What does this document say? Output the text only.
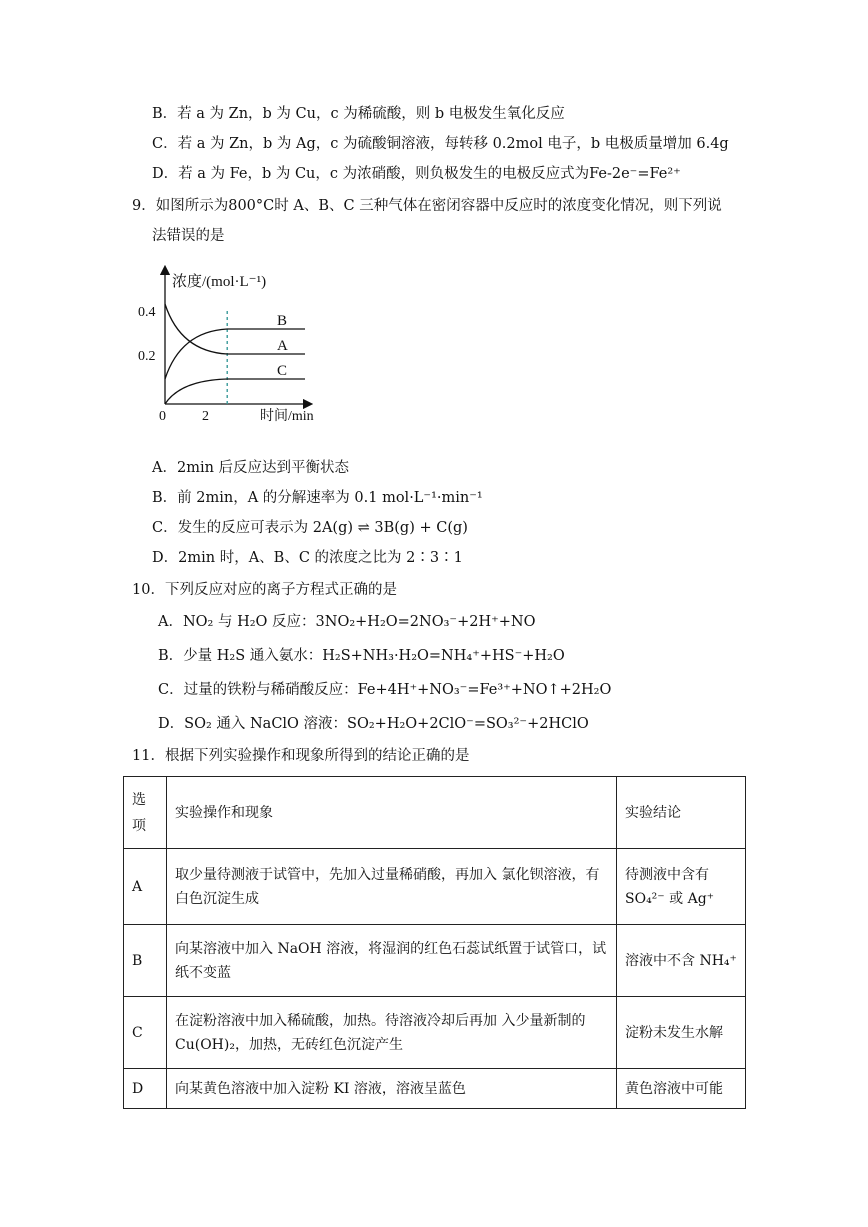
B．若 a 为 Zn，b 为 Cu，c 为稀硫酸，则 b 电极发生氧化反应
C．若 a 为 Zn，b 为 Ag，c 为硫酸铜溶液，每转移 0.2mol 电子，b 电极质量增加 6.4g
D．若 a 为 Fe，b 为 Cu，c 为浓硝酸，则负极发生的电极反应式为Fe-2e⁻=Fe²⁺
9．如图所示为800°C时 A、B、C 三种气体在密闭容器中反应时的浓度变化情况，则下列说
法错误的是
浓度/(mol·L⁻¹)
时间/min
0.4
0.2
0	2
B
A
C
A．2min 后反应达到平衡状态
B．前 2min，A 的分解速率为 0.1 mol·L⁻¹·min⁻¹
C．发生的反应可表示为 2A(g) ⇌ 3B(g) + C(g)
D．2min 时，A、B、C 的浓度之比为 2∶3∶1
10．下列反应对应的离子方程式正确的是
A．NO₂ 与 H₂O 反应：3NO₂+H₂O=2NO₃⁻+2H⁺+NO
B．少量 H₂S 通入氨水：H₂S+NH₃·H₂O=NH₄⁺+HS⁻+H₂O
C．过量的铁粉与稀硝酸反应：Fe+4H⁺+NO₃⁻=Fe³⁺+NO↑+2H₂O
D．SO₂ 通入 NaClO 溶液：SO₂+H₂O+2ClO⁻=SO₃²⁻+2HClO
11．根据下列实验操作和现象所得到的结论正确的是
选
项	实验操作和现象	实验结论
A	取少量待测液于试管中，先加入过量稀硝酸，再加入 氯化钡溶液，有白色沉淀生成	待测液中含有 SO₄²⁻ 或 Ag⁺
B	向某溶液中加入 NaOH 溶液，将湿润的红色石蕊试纸置于试管口，试纸不变蓝	溶液中不含 NH₄⁺
C	在淀粉溶液中加入稀硫酸，加热。待溶液冷却后再加 入少量新制的 Cu(OH)₂，加热，无砖红色沉淀产生	淀粉未发生水解
D	向某黄色溶液中加入淀粉 KI 溶液，溶液呈蓝色	黄色溶液中可能
